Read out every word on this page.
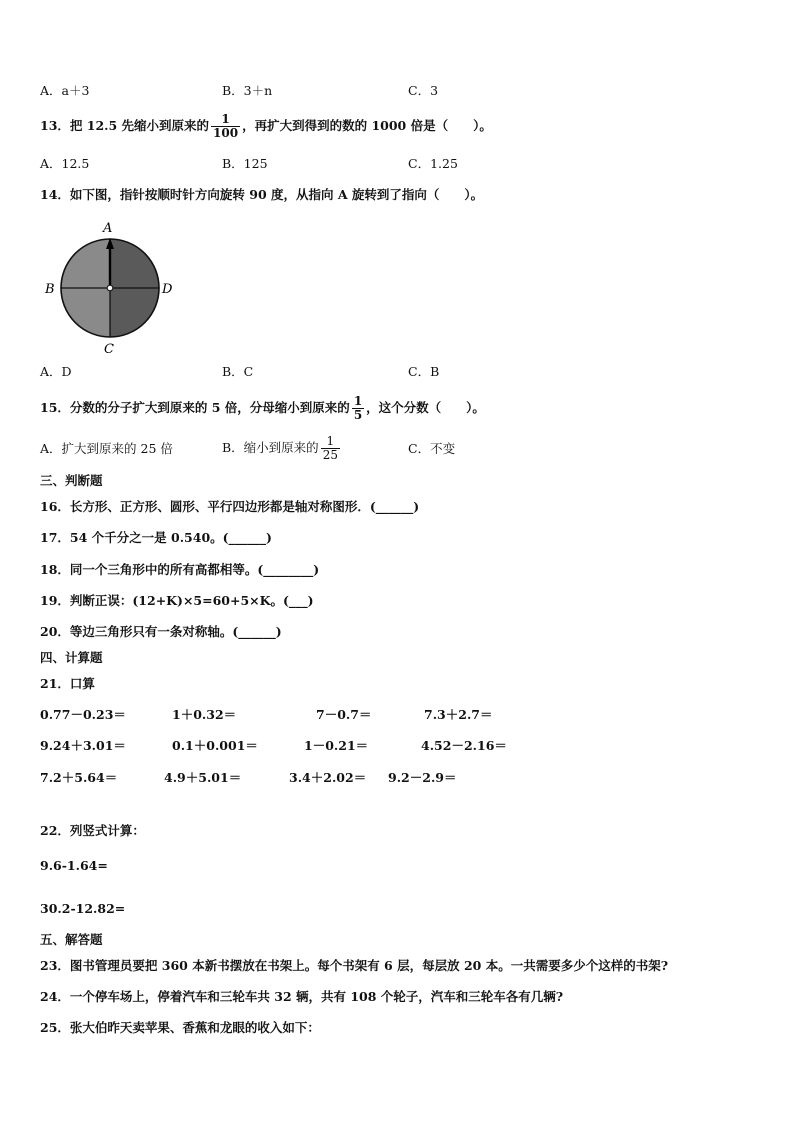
A．a＋3	B．3＋n	C．3
13．把 12.5 先缩小到原来的 $\frac{1}{100}$ ，再扩大到得到的数的 1000 倍是（　　）。
A．12.5	B．125	C．1.25
14．如下图，指针按顺时针方向旋转 90 度，从指向 A 旋转到了指向（　　）。
A
B
C
D
A．D	B．C	C．B
15．分数的分子扩大到原来的 5 倍，分母缩小到原来的 $\frac{1}{5}$ ，这个分数（　　）。
A．扩大到原来的 25 倍	B．缩小到原来的 $\frac{1}{25}$	C．不变
三、判断题
16．长方形、正方形、圆形、平行四边形都是轴对称图形．(______)
17．54 个千分之一是 0.540。(______)
18．同一个三角形中的所有高都相等。(________)
19．判断正误：(12+K)×5=60+5×K。(___)
20．等边三角形只有一条对称轴。(______)
四、计算题
21．口算
0.77－0.23＝	1＋0.32＝	7－0.7＝	7.3＋2.7＝
9.24＋3.01＝	0.1＋0.001＝	1－0.21＝	4.52－2.16＝
7.2＋5.64＝	4.9＋5.01＝	3.4＋2.02＝ 9.2－2.9＝
22．列竖式计算：
9.6-1.64=
30.2-12.82=
五、解答题
23．图书管理员要把 360 本新书摆放在书架上。每个书架有 6 层，每层放 20 本。一共需要多少个这样的书架?
24．一个停车场上，停着汽车和三轮车共 32 辆，共有 108 个轮子，汽车和三轮车各有几辆?
25．张大伯昨天卖苹果、香蕉和龙眼的收入如下：
